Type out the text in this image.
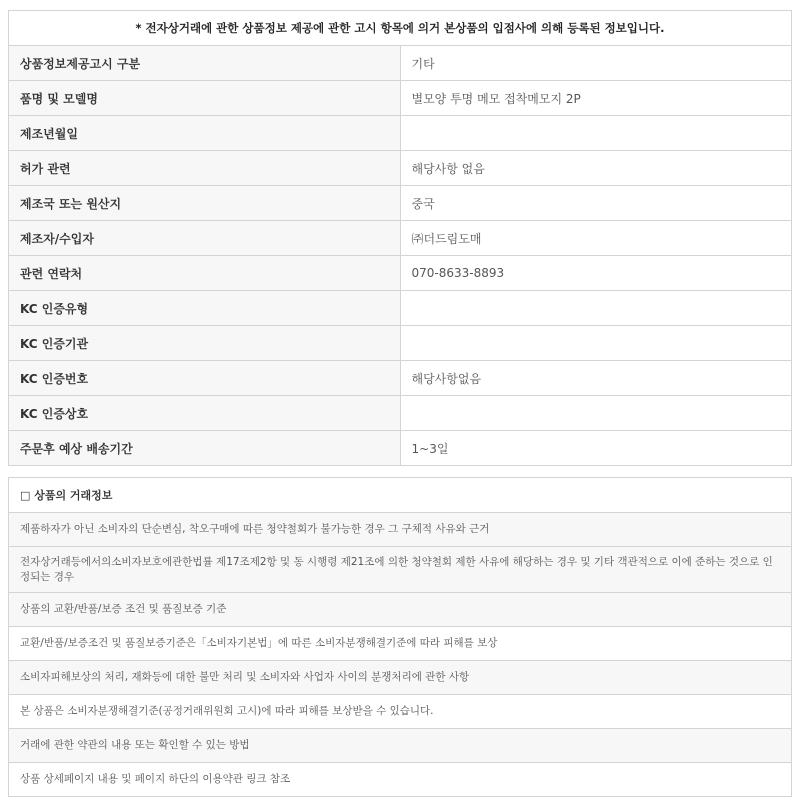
* 전자상거래에 관한 상품정보 제공에 관한 고시 항목에 의거 본상품의 입점사에 의해 등록된 정보입니다.	
상품정보제공고시 구분	기타
품명 및 모델명	별모양 투명 메모 접착메모지 2P
제조년월일	
허가 관련	해당사항 없음
제조국 또는 원산지	중국
제조자/수입자	㈜더드림도매
관련 연락처	070-8633-8893
KC 인증유형	
KC 인증기관	
KC 인증번호	해당사항없음
KC 인증상호	
주문후 예상 배송기간	1~3일
□ 상품의 거래정보
제품하자가 아닌 소비자의 단순변심, 착오구매에 따른 청약철회가 불가능한 경우 그 구체적 사유와 근거
전자상거래등에서의소비자보호에관한법률 제17조제2항 및 동 시행령 제21조에 의한 청약철회 제한 사유에 해당하는 경우 및 기타 객관적으로 이에 준하는 것으로 인정되는 경우
상품의 교환/반품/보증 조건 및 품질보증 기준
교환/반품/보증조건 및 품질보증기준은「소비자기본법」에 따른 소비자분쟁해결기준에 따라 피해를 보상
소비자피해보상의 처리, 재화등에 대한 불만 처리 및 소비자와 사업자 사이의 분쟁처리에 관한 사항
본 상품은 소비자분쟁해결기준(공정거래위원회 고시)에 따라 피해를 보상받을 수 있습니다.
거래에 관한 약관의 내용 또는 확인할 수 있는 방법
상품 상세페이지 내용 및 페이지 하단의 이용약관 링크 참조
